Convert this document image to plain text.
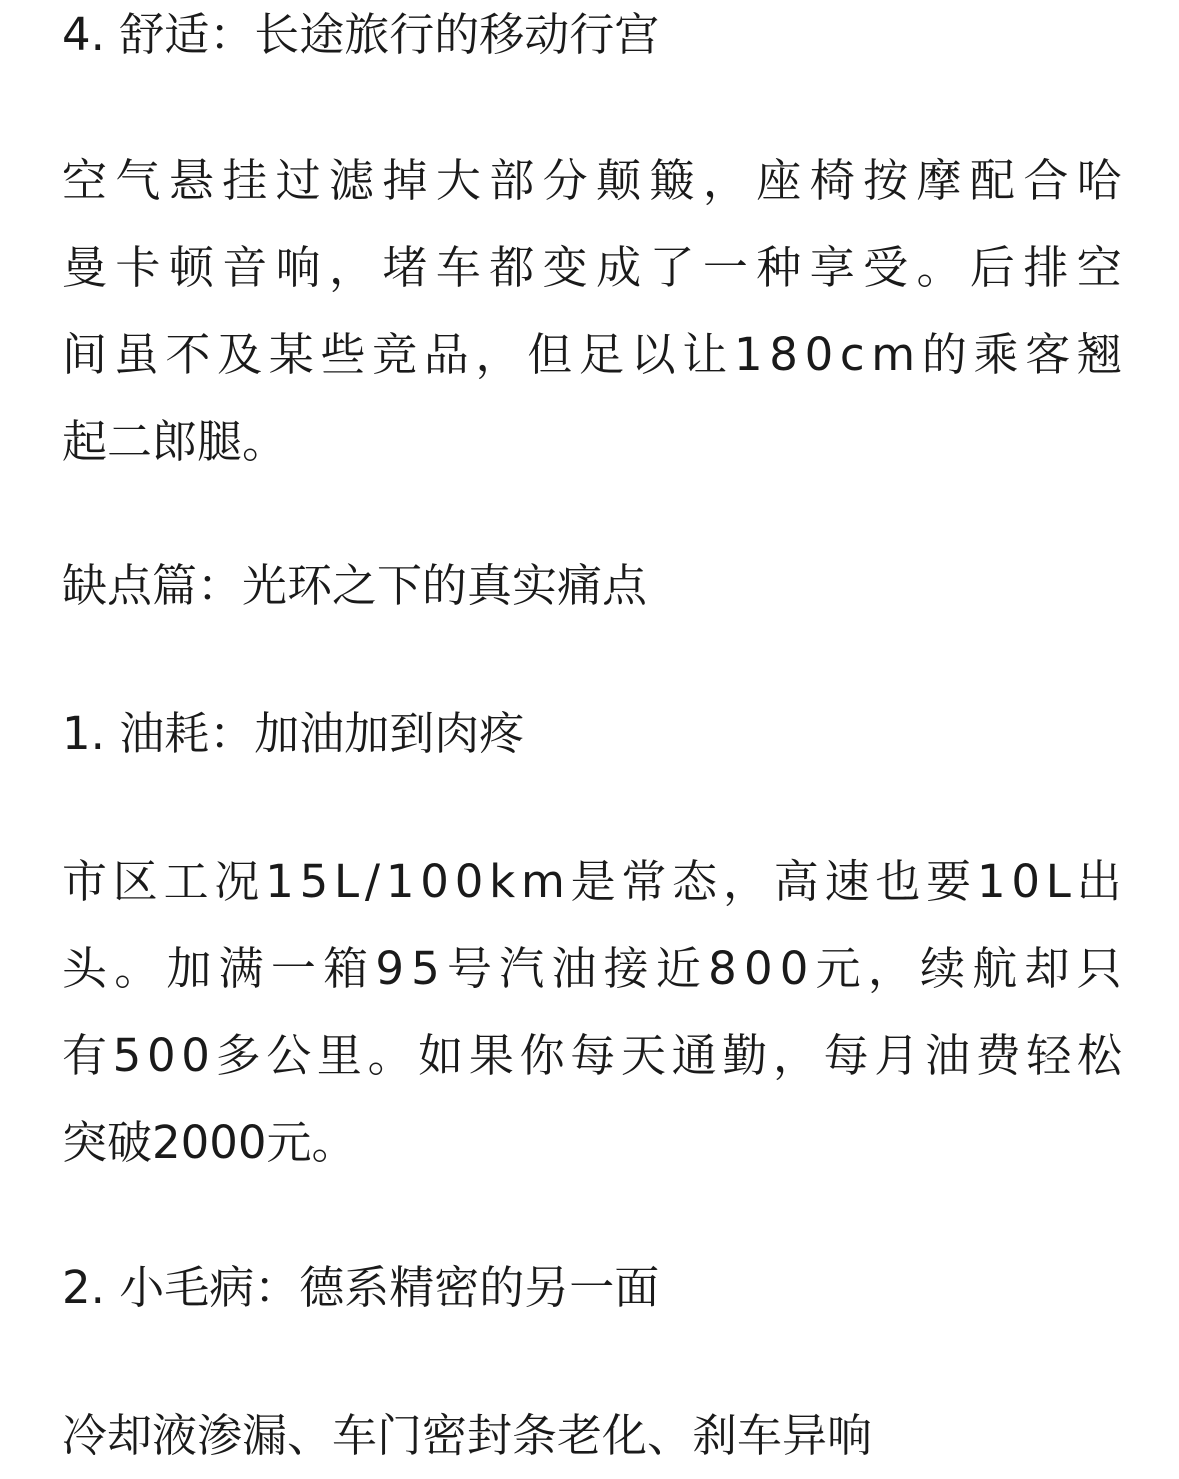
4. 舒适：长途旅行的移动行宫
空 气 悬 挂 过 滤 掉 大 部 分 颠 簸 ， 座 椅 按 摩 配 合 哈
曼 卡 顿 音 响 ， 堵 车 都 变 成 了 一 种 享 受 。 后 排 空
间 虽 不 及 某 些 竞 品 ， 但 足 以 让 1 8 0 c m 的 乘 客 翘
起二郎腿。
缺点篇：光环之下的真实痛点
1. 油耗：加油加到肉疼
市 区 工 况 1 5 L / 1 0 0 k m 是 常 态 ， 高 速 也 要 1 0 L 出
头 。 加 满 一 箱 9 5 号 汽 油 接 近 8 0 0 元 ， 续 航 却 只
有 5 0 0 多 公 里 。 如 果 你 每 天 通 勤 ， 每 月 油 费 轻 松
突破2000元。
2. 小毛病：德系精密的另一面
冷却液渗漏、车门密封条老化、刹车异响
